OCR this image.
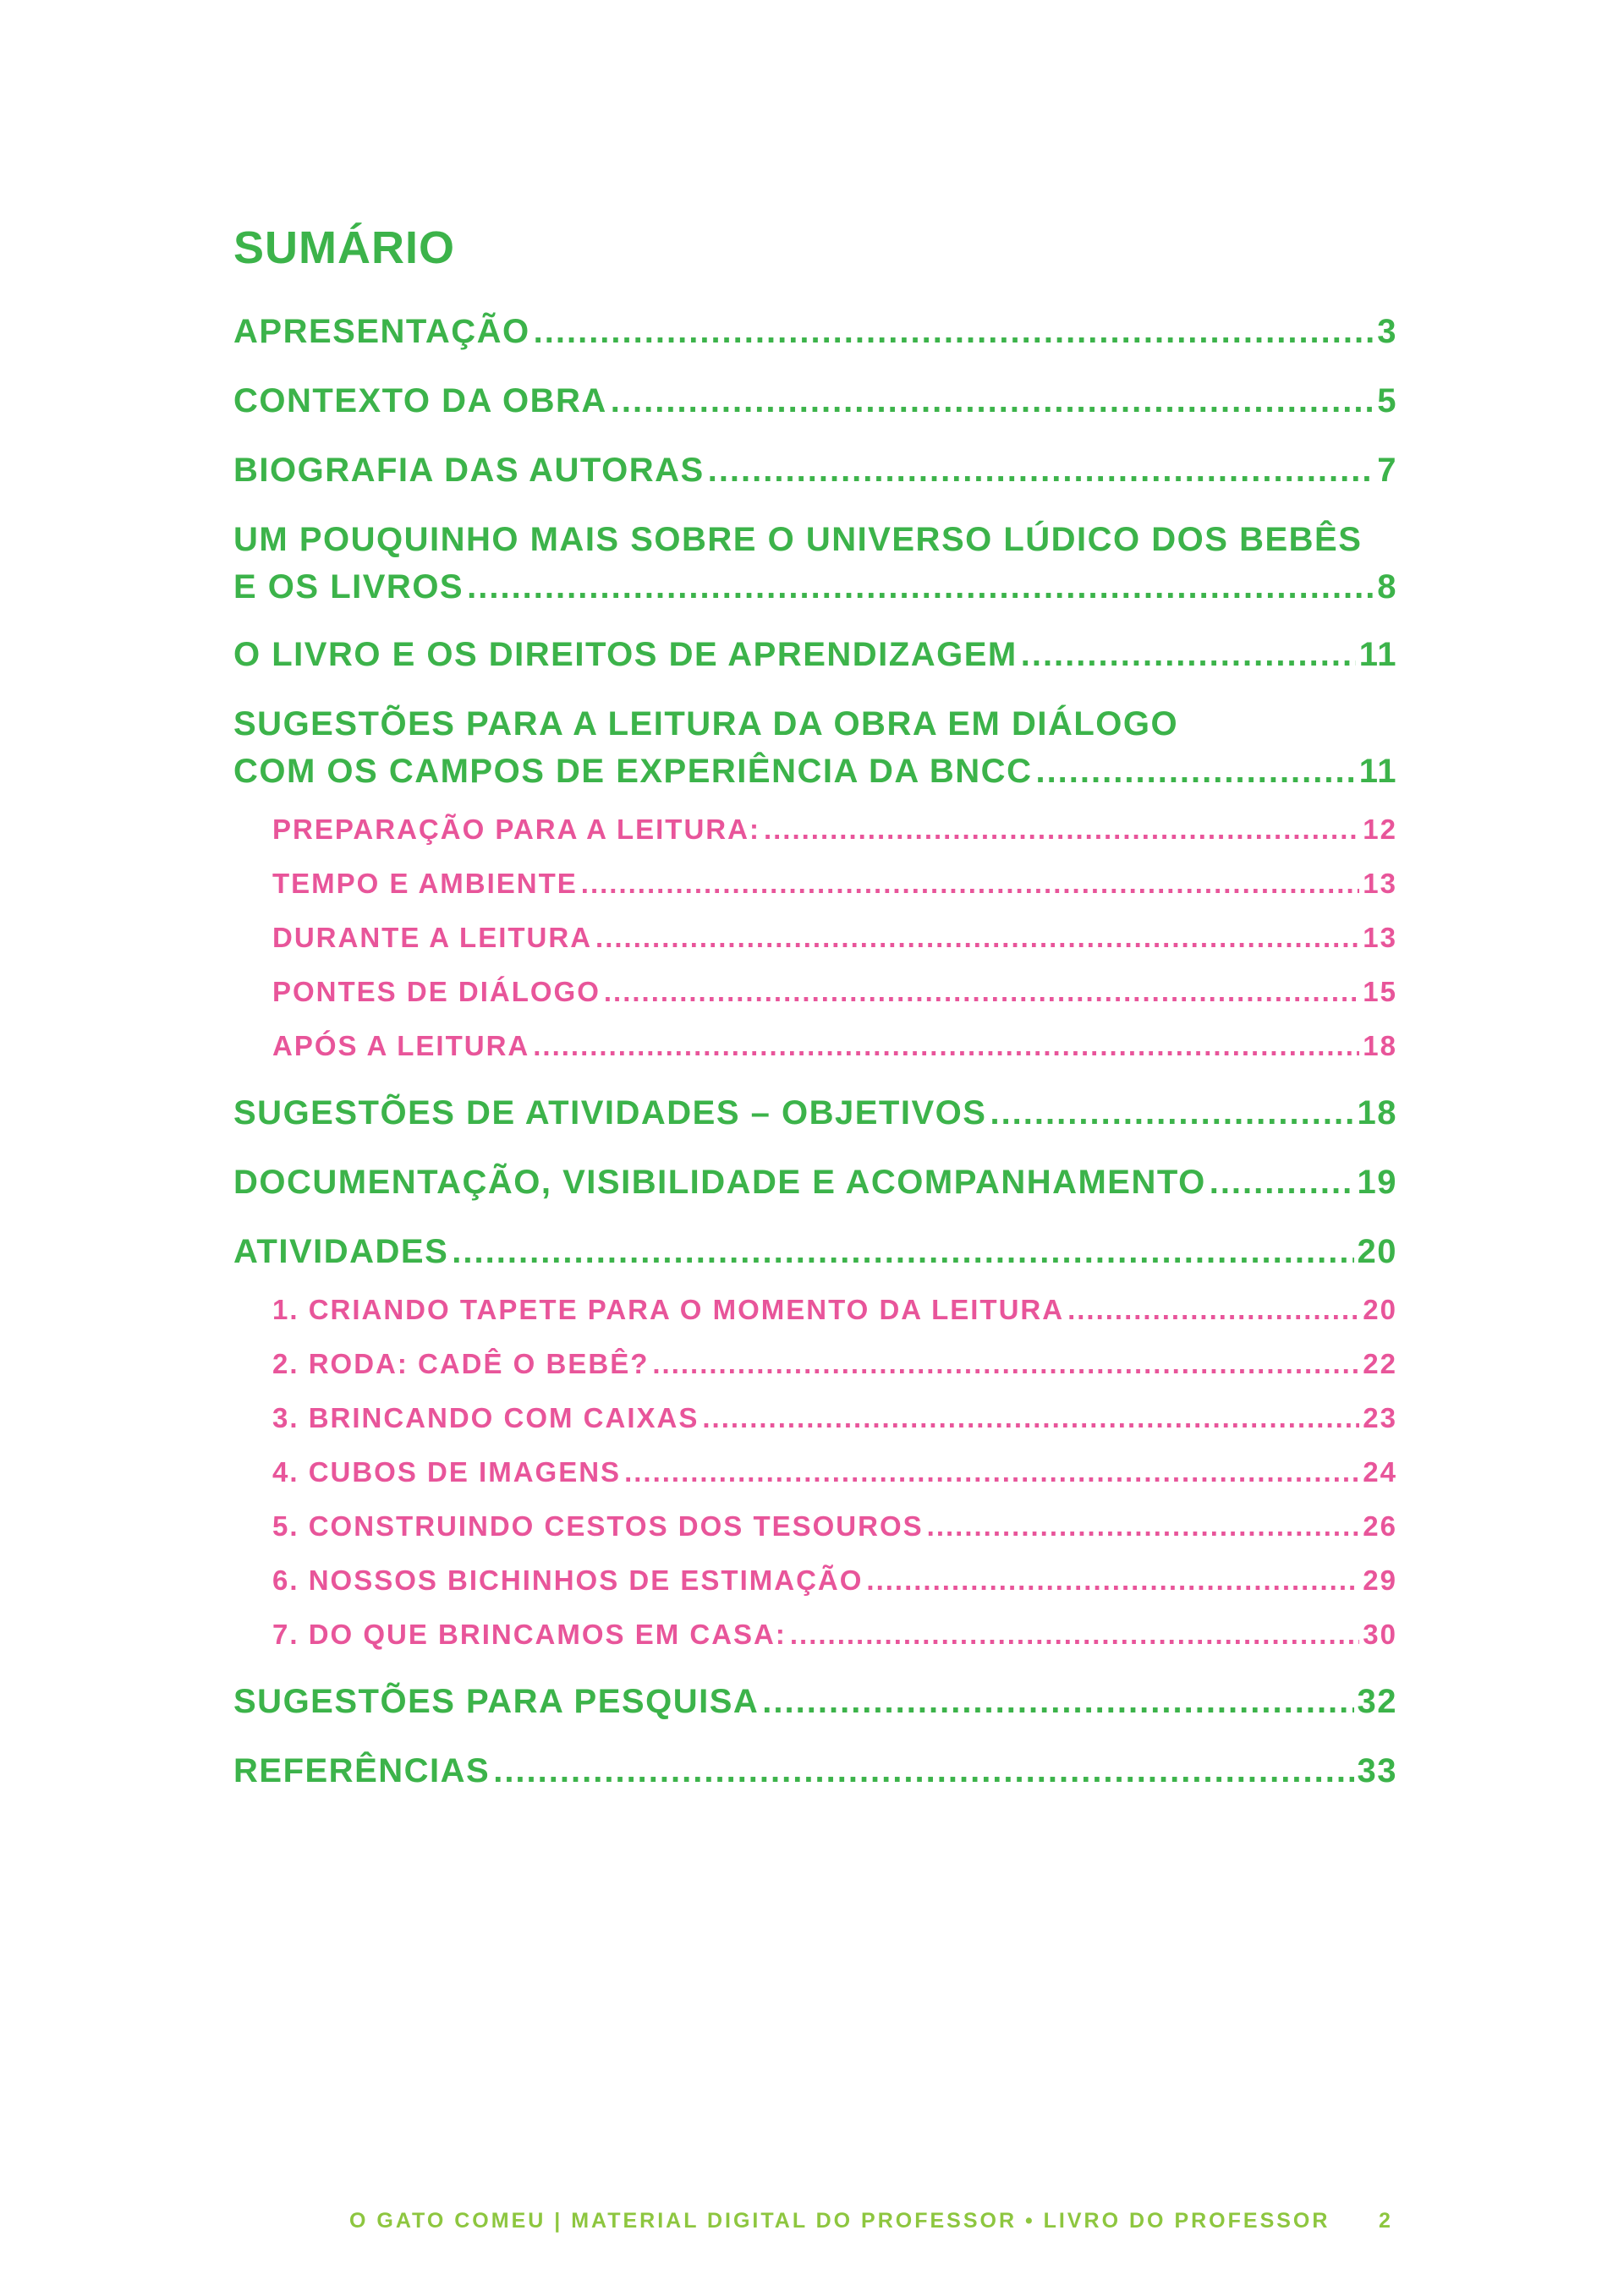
SUMÁRIO
APRESENTAÇÃO .....	3
CONTEXTO DA OBRA .....	5
BIOGRAFIA DAS AUTORAS .....	7
UM POUQUINHO MAIS SOBRE O UNIVERSO LÚDICO DOS BEBÊS
E OS LIVROS .....	8
O LIVRO E OS DIREITOS DE APRENDIZAGEM .....	11
SUGESTÕES PARA A LEITURA DA OBRA EM DIÁLOGO
COM OS CAMPOS DE EXPERIÊNCIA DA BNCC .....	11
PREPARAÇÃO PARA A LEITURA: .....	12
TEMPO E AMBIENTE .....	13
DURANTE A LEITURA .....	13
PONTES DE DIÁLOGO .....	15
APÓS A LEITURA .....	18
SUGESTÕES DE ATIVIDADES – OBJETIVOS .....	18
DOCUMENTAÇÃO, VISIBILIDADE E ACOMPANHAMENTO .....	19
ATIVIDADES .....	20
1. CRIANDO TAPETE PARA O MOMENTO DA LEITURA .....	20
2. RODA: CADÊ O BEBÊ? .....	22
3. BRINCANDO COM CAIXAS .....	23
4. CUBOS DE IMAGENS .....	24
5. CONSTRUINDO CESTOS DOS TESOUROS .....	26
6. NOSSOS BICHINHOS DE ESTIMAÇÃO .....	29
7. DO QUE BRINCAMOS EM CASA: .....	30
SUGESTÕES PARA PESQUISA .....	32
REFERÊNCIAS .....	33
O GATO COMEU | MATERIAL DIGITAL DO PROFESSOR • LIVRO DO PROFESSOR	2
